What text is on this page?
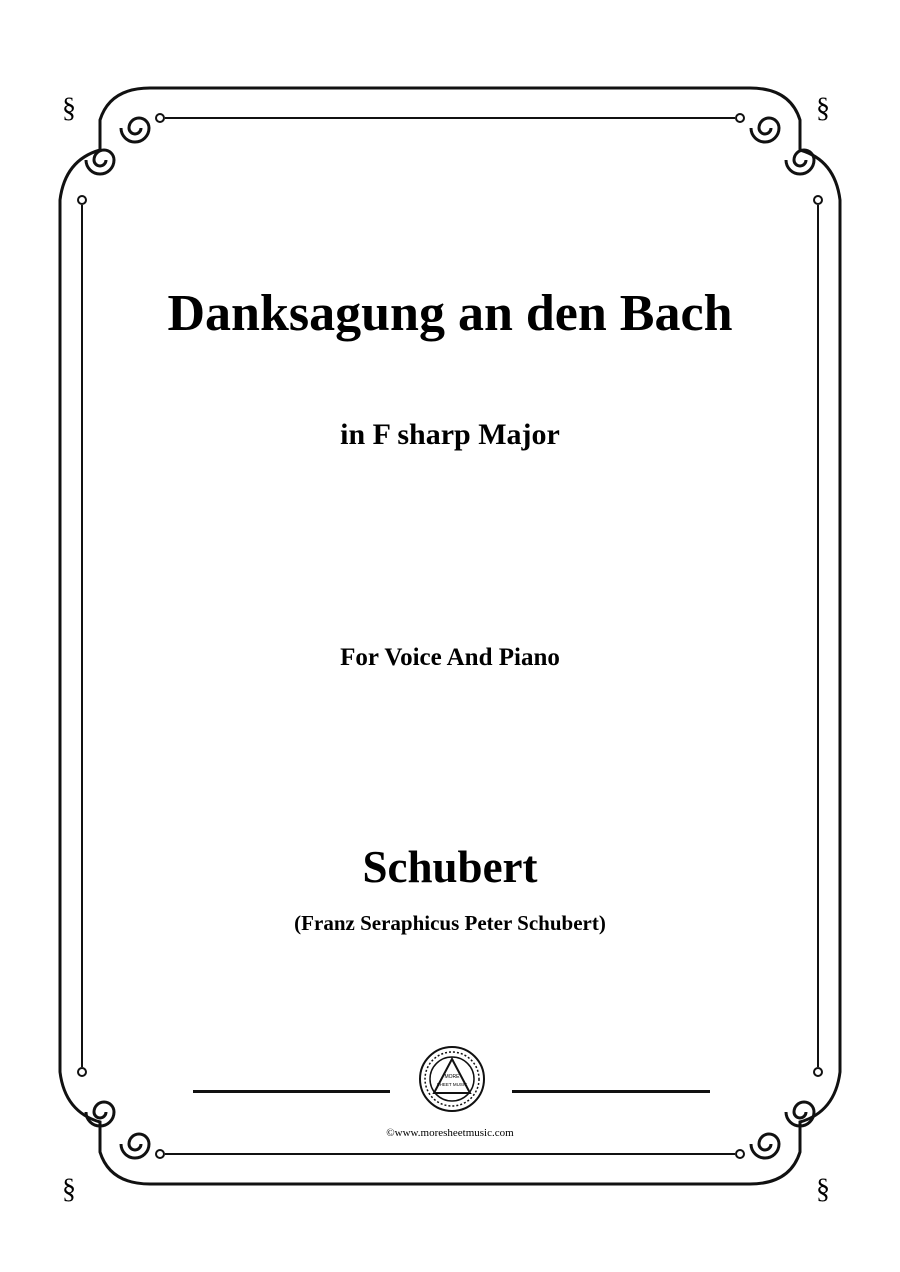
§	§
§	§
Danksagung an den Bach
in F sharp Major
For Voice And Piano
Schubert
(Franz Seraphicus Peter Schubert)
MORE
SHEET MUSIC
©www.moresheetmusic.com
